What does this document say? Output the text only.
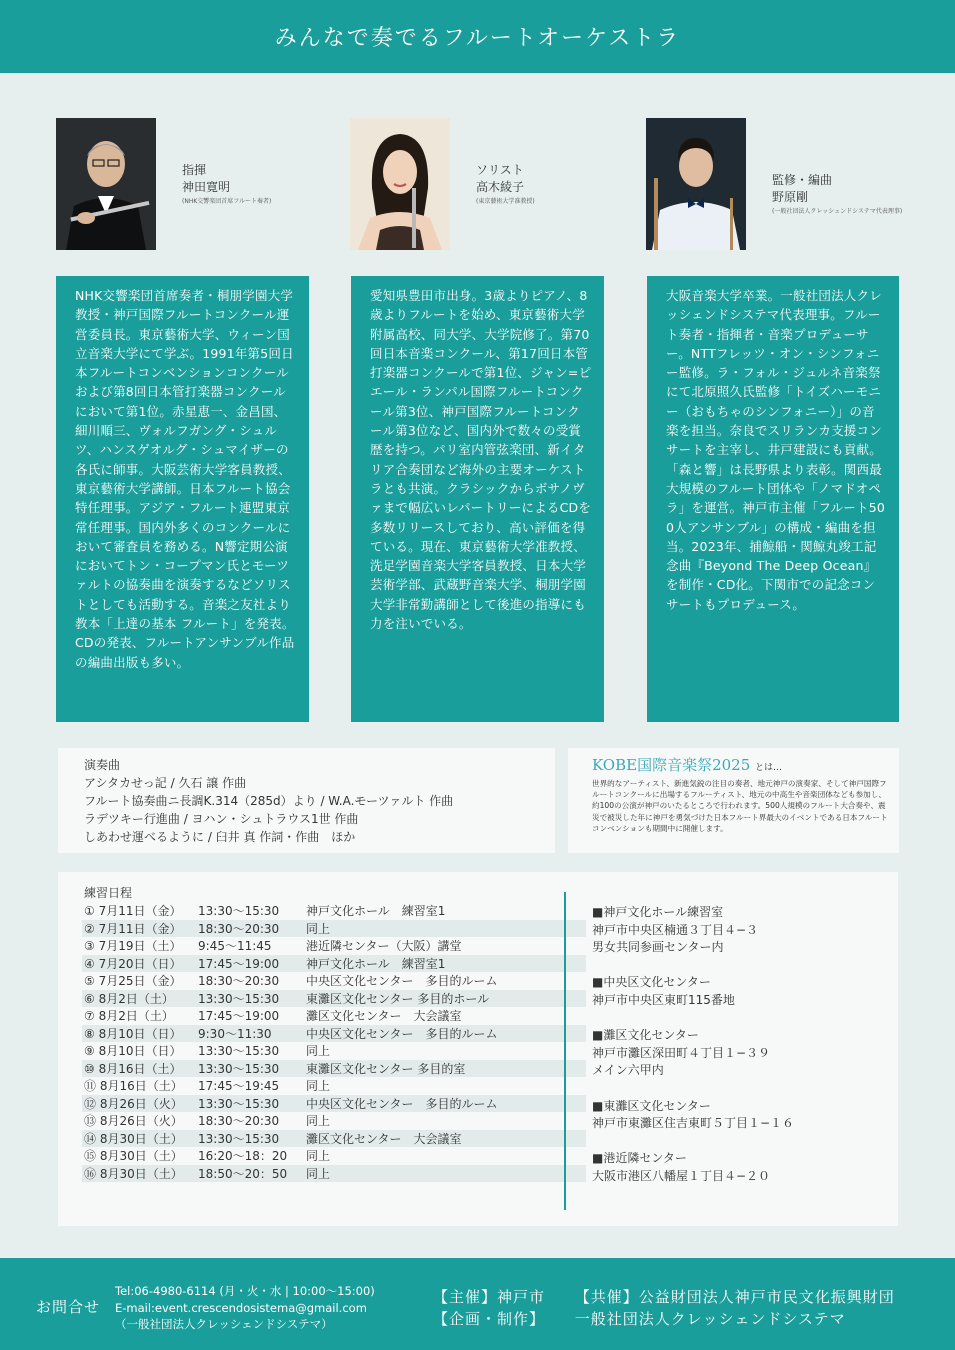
みんなで奏でるフルートオーケストラ
指揮
神田寛明
(NHK交響楽団首席フルート奏者)
ソリスト
高木綾子
(東京藝術大学准教授)
監修・編曲
野原剛
(一般社団法人クレッシェンドシステマ代表理事)

NHK交響楽団首席奏者・桐朋学園大学教授・神戸国際フルートコンクール運営委員長。東京藝術大学、ウィーン国立音楽大学にて学ぶ。1991年第5回日本フルートコンベンションコンクールおよび第8回日本管打楽器コンクールにおいて第1位。赤星恵一、金昌国、細川順三、ヴォルフガング・シュルツ、ハンスゲオルグ・シュマイザーの各氏に師事。大阪芸術大学客員教授、東京藝術大学講師。日本フルート協会特任理事。アジア・フルート連盟東京常任理事。国内外多くのコンクールにおいて審査員を務める。N響定期公演においてトン・コープマン氏とモーツァルトの協奏曲を演奏するなどソリストとしても活動する。音楽之友社より教本「上達の基本 フルート」を発表。CDの発表、フルートアンサンブル作品の編曲出版も多い。

愛知県豊田市出身。3歳よりピアノ、8歳よりフルートを始め、東京藝術大学附属高校、同大学、大学院修了。第70回日本音楽コンクール、第17回日本管打楽器コンクールで第1位、ジャン=ピエール・ランパル国際フルートコンクール第3位、神戸国際フルートコンクール第3位など、国内外で数々の受賞歴を持つ。パリ室内管弦楽団、新イタリア合奏団など海外の主要オーケストラとも共演。クラシックからボサノヴァまで幅広いレパートリーによるCDを多数リリースしており、高い評価を得ている。現在、東京藝術大学准教授、洗足学園音楽大学客員教授、日本大学芸術学部、武蔵野音楽大学、桐朋学園大学非常勤講師として後進の指導にも力を注いでいる。

大阪音楽大学卒業。一般社団法人クレッシェンドシステマ代表理事。フルート奏者・指揮者・音楽プロデューサー。NTTフレッツ・オン・シンフォニー監修。ラ・フォル・ジュルネ音楽祭にて北原照久氏監修「トイズハーモニー（おもちゃのシンフォニー）」の音楽を担当。奈良でスリランカ支援コンサートを主宰し、井戸建設にも貢献。「森と響」は長野県より表彰。関西最大規模のフルート団体や「ノマドオペラ」を運営。神戸市主催「フルート500人アンサンブル」の構成・編曲を担当。2023年、捕鯨船・関鯨丸竣工記念曲『Beyond The Deep Ocean』を制作・CD化。下関市での記念コンサートもプロデュース。

演奏曲
アシタカせっ記 / 久石 譲 作曲
フルート協奏曲ニ長調K.314（285d）より / W.A.モーツァルト 作曲
ラデツキー行進曲 / ヨハン・シュトラウス1世 作曲
しあわせ運べるように / 臼井 真 作詞・作曲　ほか
KOBE国際音楽祭2025 とは…
世界的なアーティスト、新進気鋭の注目の奏者、地元神戸の演奏家、そして神戸国際フルートコンクールに出場するフルーティスト、地元の中高生や音楽団体なども参加し、約100の公演が神戸のいたるところで行われます。500人規模のフルート大合奏や、震災で被災した年に神戸を勇気づけた日本フルート界最大のイベントである日本フルートコンベンションも期間中に開催します。
練習日程
① 7月11日（金）	13:30〜15:30	神戸文化ホール　練習室1
② 7月11日（金）	18:30〜20:30	同上
③ 7月19日（土）	9:45〜11:45	港近隣センター（大阪）講堂
④ 7月20日（日）	17:45〜19:00	神戸文化ホール　練習室1
⑤ 7月25日（金）	18:30〜20:30	中央区文化センター　多目的ルーム
⑥ 8月2日（土）	13:30〜15:30	東灘区文化センター 多目的ホール
⑦ 8月2日（土）	17:45〜19:00	灘区文化センター　大会議室
⑧ 8月10日（日）	9:30〜11:30	中央区文化センター　多目的ルーム
⑨ 8月10日（日）	13:30〜15:30	同上
⑩ 8月16日（土）	13:30〜15:30	東灘区文化センター 多目的室
⑪ 8月16日（土）	17:45〜19:45	同上
⑫ 8月26日（火）	13:30〜15:30	中央区文化センター　多目的ルーム
⑬ 8月26日（火）	18:30〜20:30	同上
⑭ 8月30日（土）	13:30〜15:30	灘区文化センター　大会議室
⑮ 8月30日（土）	16:20〜18：20	同上
⑯ 8月30日（土）	18:50〜20：50	同上
■神戸文化ホール練習室
神戸市中央区楠通３丁目４−３
男女共同参画センター内
■中央区文化センター
神戸市中央区東町115番地
■灘区文化センター
神戸市灘区深田町４丁目１−３９
メイン六甲内
■東灘区文化センター
神戸市東灘区住吉東町５丁目１−１６
■港近隣センター
大阪市港区八幡屋１丁目４−２０
お問合せ
Tel:06-4980-6114 (月・火・水 | 10:00〜15:00)
E-mail:event.crescendosistema@gmail.com
（一般社団法人クレッシェンドシステマ）
【主催】神戸市 【共催】公益財団法人神戸市民文化振興財団
【企画・制作】 一般社団法人クレッシェンドシステマ
